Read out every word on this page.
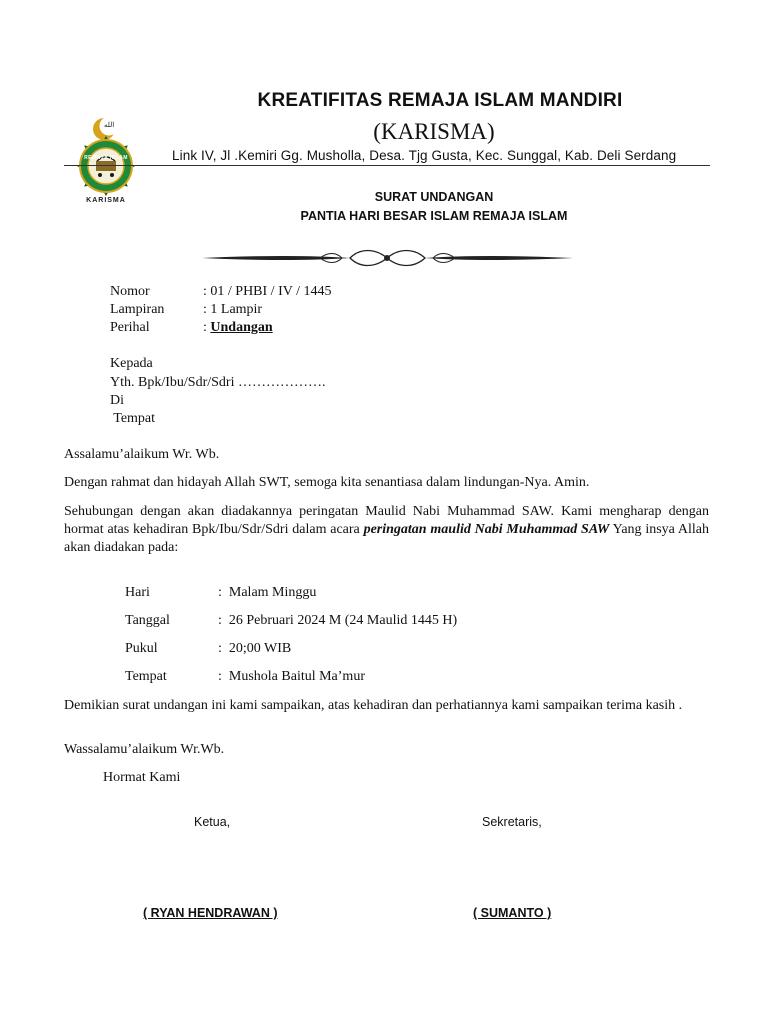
الله
REMAJA ISLAM
KARISMA
KREATIFITAS REMAJA ISLAM MANDIRI
(KARISMA)
Link IV, Jl .Kemiri Gg. Musholla, Desa. Tjg Gusta, Kec. Sunggal, Kab. Deli Serdang
SURAT UNDANGAN
PANTIA HARI BESAR ISLAM REMAJA ISLAM
Nomor	: 01 / PHBI / IV / 1445
Lampiran	: 1 Lampir
Perihal	: Undangan
Kepada
Yth. Bpk/Ibu/Sdr/Sdri ……………….
Di
Tempat
Assalamu’alaikum Wr. Wb.
Dengan rahmat dan hidayah Allah SWT, semoga kita senantiasa dalam lindungan-Nya. Amin.
Sehubungan dengan akan diadakannya peringatan Maulid Nabi Muhammad SAW. Kami mengharap dengan hormat atas kehadiran Bpk/Ibu/Sdr/Sdri dalam acara peringatan maulid Nabi Muhammad SAW Yang insya Allah akan diadakan pada:
Hari	:  Malam Minggu
Tanggal	:  26 Pebruari 2024 M (24 Maulid 1445 H)
Pukul	:  20;00 WIB
Tempat	:  Mushola Baitul Ma’mur
Demikian surat undangan ini kami sampaikan, atas kehadiran dan perhatiannya kami sampaikan terima kasih .
Wassalamu’alaikum Wr.Wb.
Hormat Kami
Ketua,	Sekretaris,
( RYAN HENDRAWAN )	( SUMANTO )
